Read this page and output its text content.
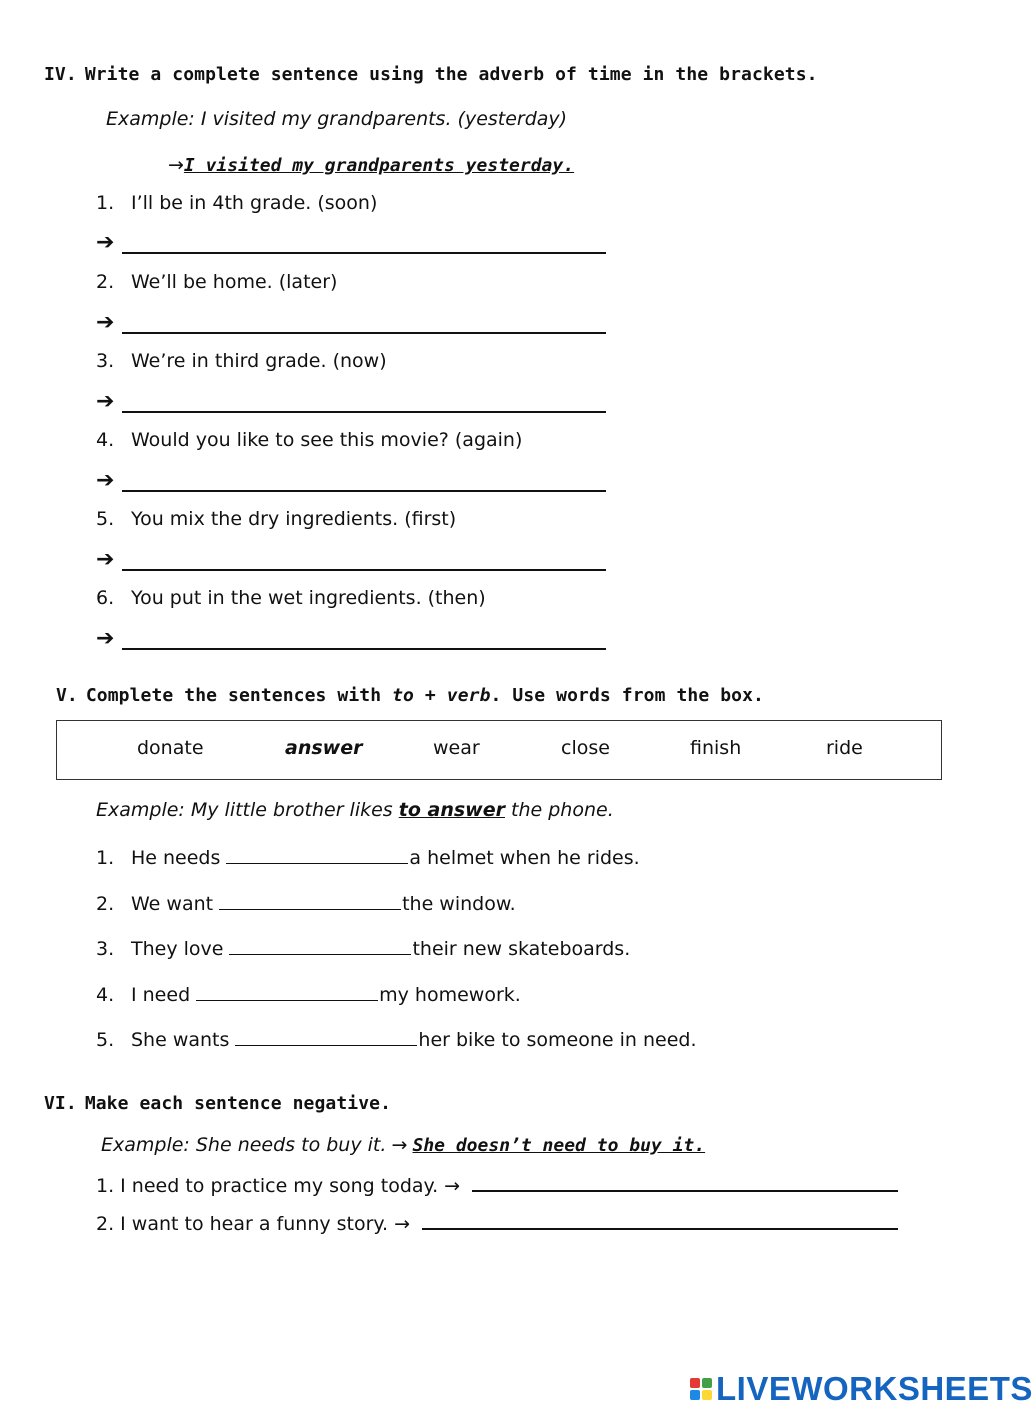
IV. Write a complete sentence using the adverb of time in the brackets.
Example: I visited my grandparents. (yesterday)
→I visited my grandparents yesterday.
1. I’ll be in 4th grade. (soon)
➔
2. We’ll be home. (later)
➔
3. We’re in third grade. (now)
➔
4. Would you like to see this movie? (again)
➔
5. You mix the dry ingredients. (first)
➔
6. You put in the wet ingredients. (then)
➔
V. Complete the sentences with to + verb. Use words from the box.
donate	answer	wear	close	finish	ride
Example: My little brother likes to answer the phone.
1. He needs	a helmet when he rides.
2. We want	the window.
3. They love	their new skateboards.
4. I need	my homework.
5. She wants	her bike to someone in need.
VI. Make each sentence negative.
Example: She needs to buy it. → She doesn’t need to buy it.
1. I need to practice my song today. →
2. I want to hear a funny story. →
LIVEWORKSHEETS
